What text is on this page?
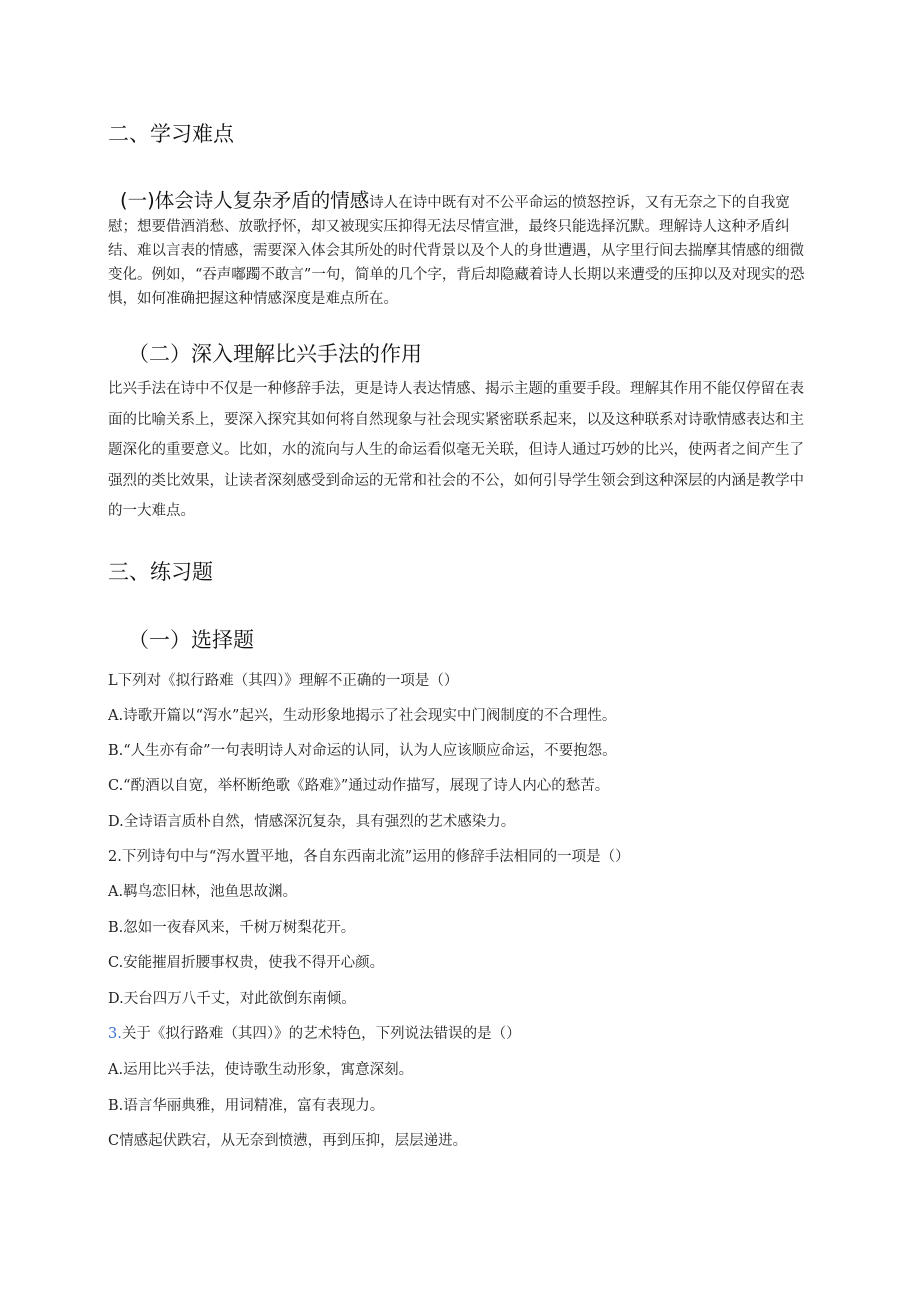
二、学习难点
(一)体会诗人复杂矛盾的情感诗人在诗中既有对不公平命运的愤怒控诉，又有无奈之下的自我宽慰；想要借酒消愁、放歌抒怀，却又被现实压抑得无法尽情宣泄，最终只能选择沉默。理解诗人这种矛盾纠结、难以言表的情感，需要深入体会其所处的时代背景以及个人的身世遭遇，从字里行间去揣摩其情感的细微变化。例如，“吞声嘟躅不敢言”一句，简单的几个字，背后却隐藏着诗人长期以来遭受的压抑以及对现实的恐惧，如何准确把握这种情感深度是难点所在。
（二）深入理解比兴手法的作用
比兴手法在诗中不仅是一种修辞手法，更是诗人表达情感、揭示主题的重要手段。理解其作用不能仅停留在表面的比喻关系上，要深入探究其如何将自然现象与社会现实紧密联系起来，以及这种联系对诗歌情感表达和主题深化的重要意义。比如，水的流向与人生的命运看似毫无关联，但诗人通过巧妙的比兴，使两者之间产生了强烈的类比效果，让读者深刻感受到命运的无常和社会的不公，如何引导学生领会到这种深层的内涵是教学中的一大难点。
三、练习题
（一）选择题
L下列对《拟行路难（其四）》理解不正确的一项是（）
A.诗歌开篇以“泻水”起兴，生动形象地揭示了社会现实中门阀制度的不合理性。
B.“人生亦有命”一句表明诗人对命运的认同，认为人应该顺应命运，不要抱怨。
C.“酌酒以自宽，举杯断绝歌《路难》”通过动作描写，展现了诗人内心的愁苦。
D.全诗语言质朴自然，情感深沉复杂，具有强烈的艺术感染力。
2.下列诗句中与“泻水置平地，各自东西南北流”运用的修辞手法相同的一项是（）
A.羁鸟恋旧林，池鱼思故渊。
B.忽如一夜春风来，千树万树梨花开。
C.安能摧眉折腰事权贵，使我不得开心颜。
D.天台四万八千丈，对此欲倒东南倾。
3.关于《拟行路难（其四）》的艺术特色，下列说法错误的是（）
A.运用比兴手法，使诗歌生动形象，寓意深刻。
B.语言华丽典雅，用词精准，富有表现力。
C情感起伏跌宕，从无奈到愤懑，再到压抑，层层递进。
